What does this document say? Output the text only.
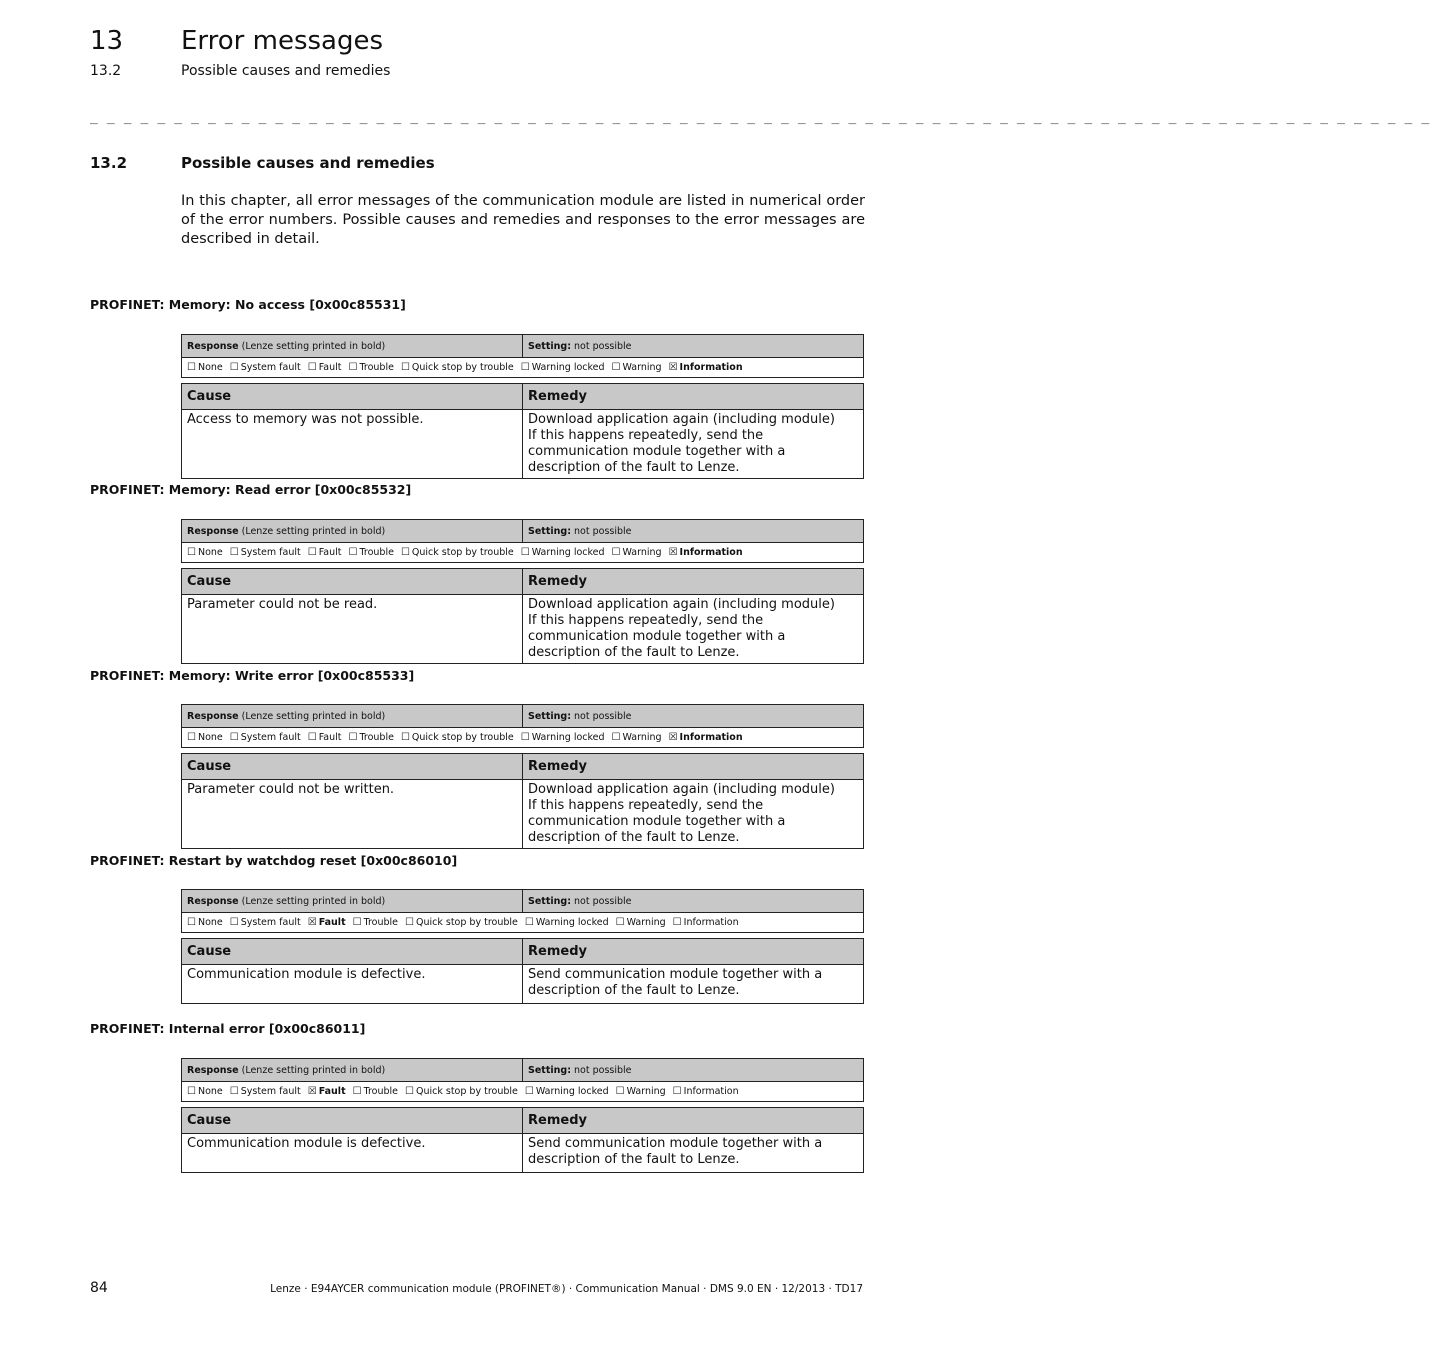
13 Error messages
13.2	Possible causes and remedies
_ _ _ _ _ _ _ _ _ _ _ _ _ _ _ _ _ _ _ _ _ _ _ _ _ _ _ _ _ _ _ _ _ _ _ _ _ _ _ _ _ _ _ _ _ _ _ _ _ _ _ _ _ _ _ _ _ _ _ _ _ _ _ _ _ _ _ _ _ _ _ _ _ _ _ _ _ _ _ _
13.2	Possible causes and remedies
In this chapter, all error messages of the communication module are listed in numerical order of the error numbers. Possible causes and remedies and responses to the error messages are described in detail.
PROFINET: Memory: No access [0x00c85531]
Response (Lenze setting printed in bold)	Setting: not possible
☐ None ☐ System fault ☐ Fault ☐ Trouble ☐ Quick stop by trouble ☐ Warning locked ☐ Warning ☒ Information
Cause	Remedy
Access to memory was not possible.	Download application again (including module)
If this happens repeatedly, send the communication module together with a description of the fault to Lenze.
PROFINET: Memory: Read error [0x00c85532]
Response (Lenze setting printed in bold)	Setting: not possible
☐ None ☐ System fault ☐ Fault ☐ Trouble ☐ Quick stop by trouble ☐ Warning locked ☐ Warning ☒ Information
Cause	Remedy
Parameter could not be read.	Download application again (including module)
If this happens repeatedly, send the communication module together with a description of the fault to Lenze.
PROFINET: Memory: Write error [0x00c85533]
Response (Lenze setting printed in bold)	Setting: not possible
☐ None ☐ System fault ☐ Fault ☐ Trouble ☐ Quick stop by trouble ☐ Warning locked ☐ Warning ☒ Information
Cause	Remedy
Parameter could not be written.	Download application again (including module)
If this happens repeatedly, send the communication module together with a description of the fault to Lenze.
PROFINET: Restart by watchdog reset [0x00c86010]
Response (Lenze setting printed in bold)	Setting: not possible
☐ None ☐ System fault ☒ Fault ☐ Trouble ☐ Quick stop by trouble ☐ Warning locked ☐ Warning ☐ Information
Cause	Remedy
Communication module is defective.	Send communication module together with a description of the fault to Lenze.
PROFINET: Internal error [0x00c86011]
Response (Lenze setting printed in bold)	Setting: not possible
☐ None ☐ System fault ☒ Fault ☐ Trouble ☐ Quick stop by trouble ☐ Warning locked ☐ Warning ☐ Information
Cause	Remedy
Communication module is defective.	Send communication module together with a description of the fault to Lenze.
84	Lenze · E94AYCER communication module (PROFINET®) · Communication Manual · DMS 9.0 EN · 12/2013 · TD17
